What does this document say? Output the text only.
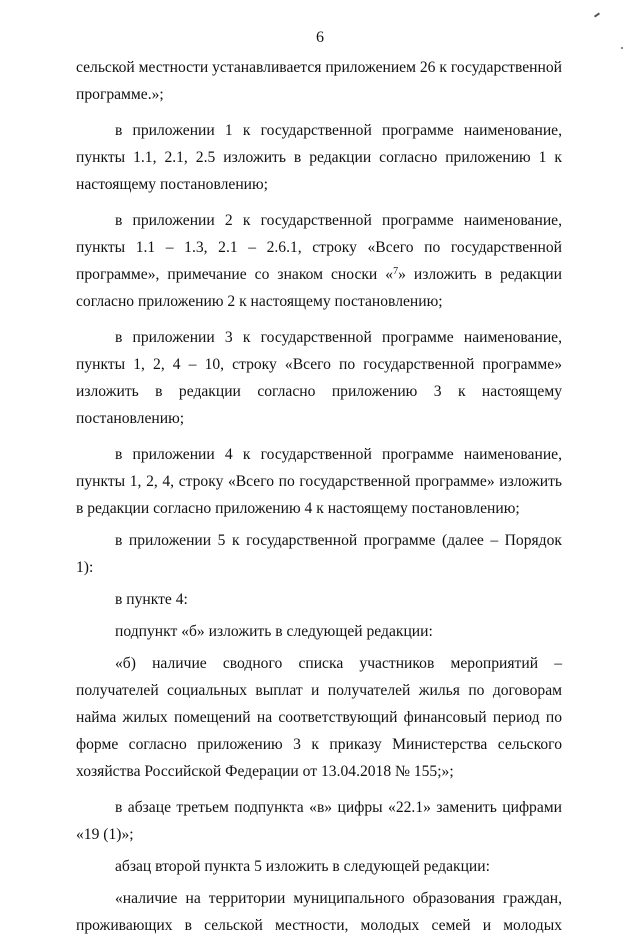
6

сельской местности устанавливается приложением 26 к государственной программе.»;

в приложении 1 к государственной программе наименование, пункты 1.1, 2.1, 2.5 изложить в редакции согласно приложению 1 к настоящему постановлению;

в приложении 2 к государственной программе наименование, пункты 1.1 – 1.3, 2.1 – 2.6.1, строку «Всего по государственной программе», примечание со знаком сноски «$^7$» изложить в редакции согласно приложению 2 к настоящему постановлению;

в приложении 3 к государственной программе наименование, пункты 1, 2, 4 – 10, строку «Всего по государственной программе» изложить в редакции согласно приложению 3 к настоящему постановлению;

в приложении 4 к государственной программе наименование, пункты 1, 2, 4, строку «Всего по государственной программе» изложить в редакции согласно приложению 4 к настоящему постановлению;

в приложении 5 к государственной программе (далее – Порядок 1):

в пункте 4:

подпункт «б» изложить в следующей редакции:

«б) наличие сводного списка участников мероприятий – получателей социальных выплат и получателей жилья по договорам найма жилых помещений на соответствующий финансовый период по форме согласно приложению 3 к приказу Министерства сельского хозяйства Российской Федерации от 13.04.2018 № 155;»;

в абзаце третьем подпункта «в» цифры «22.1» заменить цифрами «19 (1)»;

абзац второй пункта 5 изложить в следующей редакции:

«наличие на территории муниципального образования граждан, проживающих в сельской местности, молодых семей и молодых
